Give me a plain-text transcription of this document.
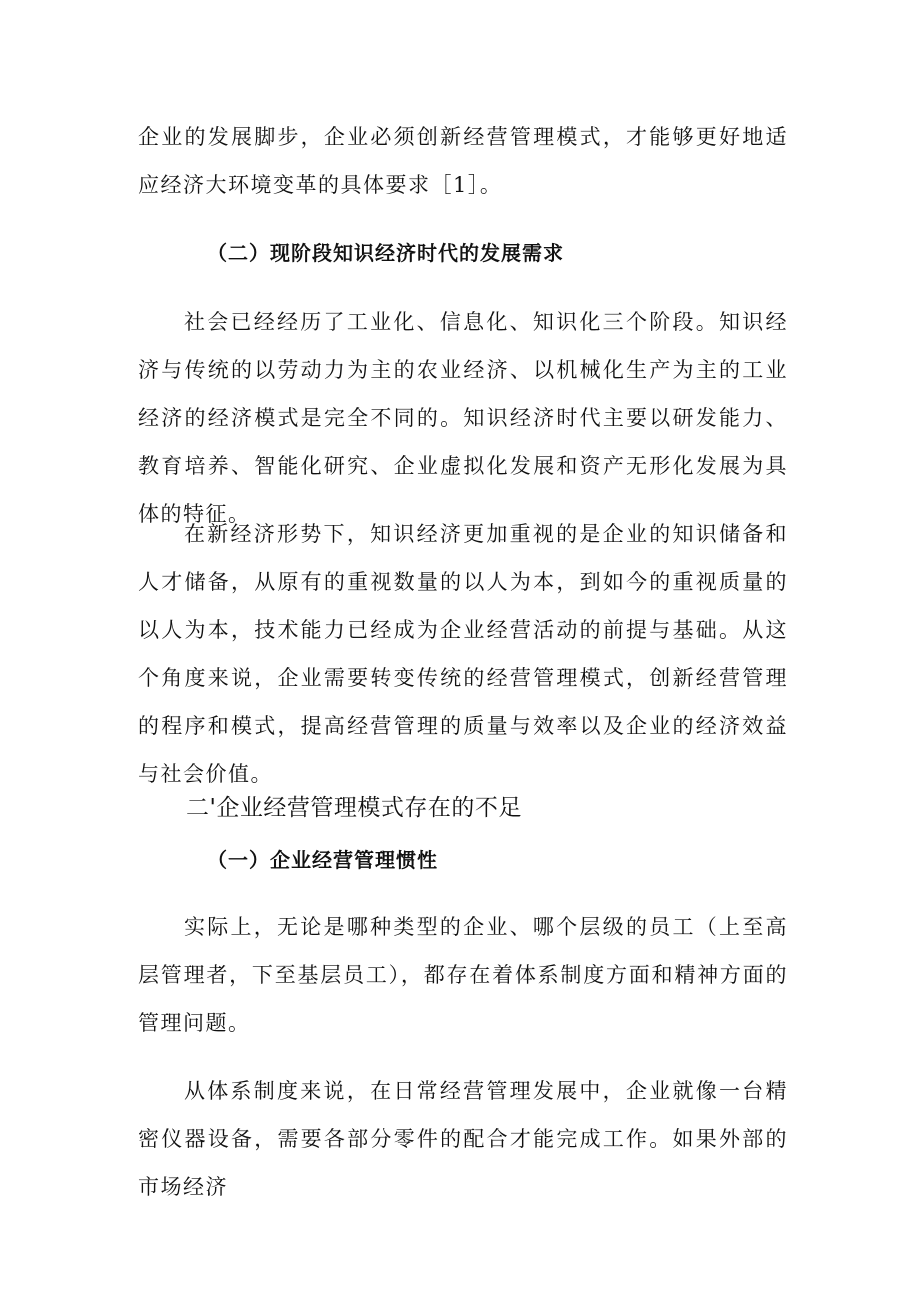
企业的发展脚步，企业必须创新经营管理模式，才能够更好地适应经济大环境变革的具体要求［1］。

（二）现阶段知识经济时代的发展需求

社会已经经历了工业化、信息化、知识化三个阶段。知识经济与传统的以劳动力为主的农业经济、以机械化生产为主的工业经济的经济模式是完全不同的。知识经济时代主要以研发能力、教育培养、智能化研究、企业虚拟化发展和资产无形化发展为具体的特征。

在新经济形势下，知识经济更加重视的是企业的知识储备和人才储备，从原有的重视数量的以人为本，到如今的重视质量的以人为本，技术能力已经成为企业经营活动的前提与基础。从这个角度来说，企业需要转变传统的经营管理模式，创新经营管理的程序和模式，提高经营管理的质量与效率以及企业的经济效益与社会价值。

二'企业经营管理模式存在的不足
（一）企业经营管理惯性

实际上，无论是哪种类型的企业、哪个层级的员工（上至高层管理者，下至基层员工），都存在着体系制度方面和精神方面的管理问题。

从体系制度来说，在日常经营管理发展中，企业就像一台精密仪器设备，需要各部分零件的配合才能完成工作。如果外部的市场经济
